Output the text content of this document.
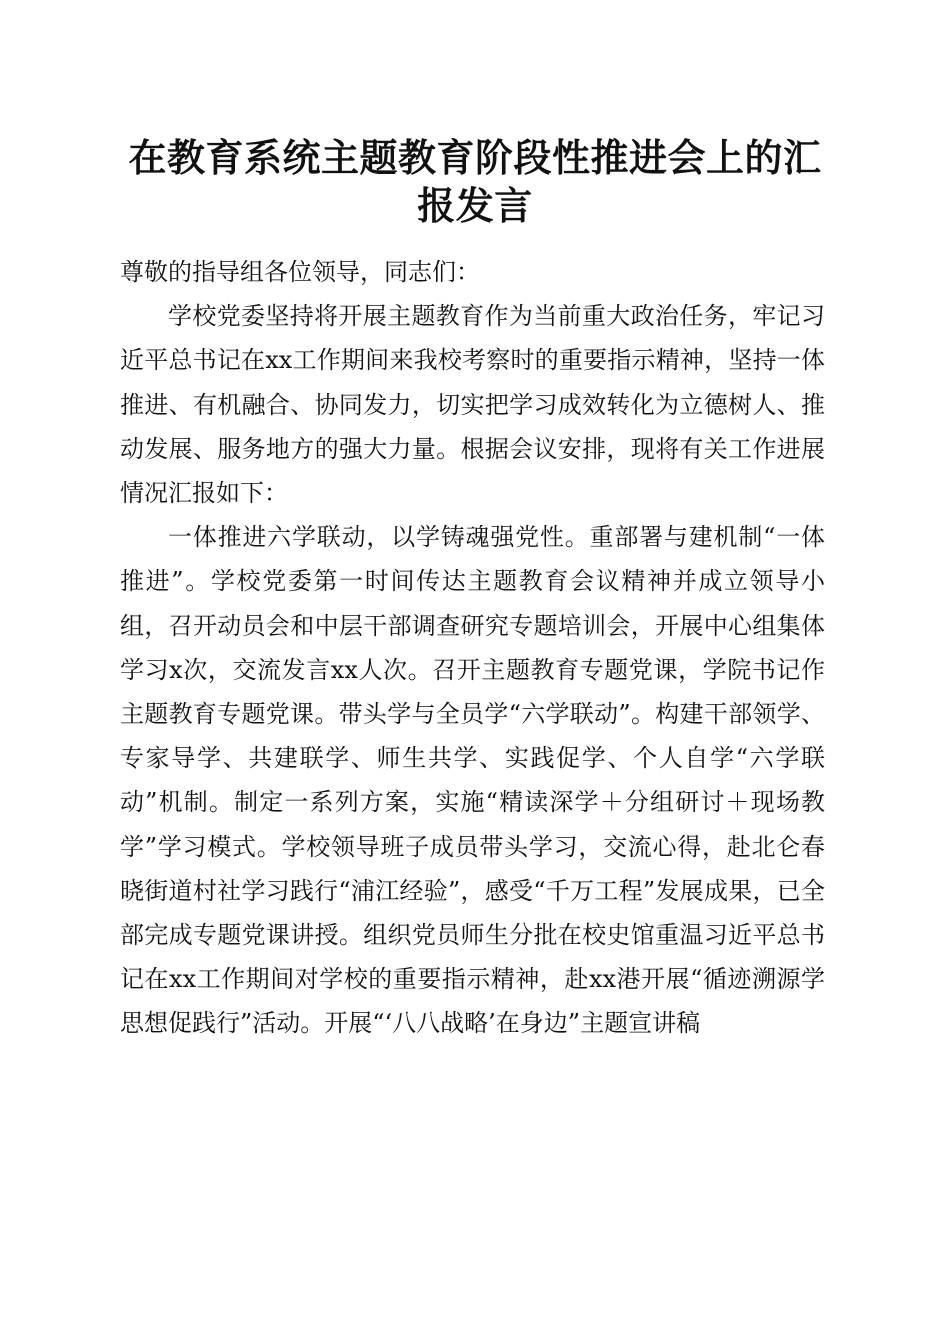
在教育系统主题教育阶段性推进会上的汇报发言

尊敬的指导组各位领导，同志们：

学校党委坚持将开展主题教育作为当前重大政治任务，牢记习近平总书记在xx工作期间来我校考察时的重要指示精神，坚持一体推进、有机融合、协同发力，切实把学习成效转化为立德树人、推动发展、服务地方的强大力量。根据会议安排，现将有关工作进展情况汇报如下：

一体推进六学联动，以学铸魂强党性。重部署与建机制“一体推进”。学校党委第一时间传达主题教育会议精神并成立领导小组，召开动员会和中层干部调查研究专题培训会，开展中心组集体学习x次，交流发言xx人次。召开主题教育专题党课，学院书记作主题教育专题党课。带头学与全员学“六学联动”。构建干部领学、专家导学、共建联学、师生共学、实践促学、个人自学“六学联动”机制。制定一系列方案，实施“精读深学＋分组研讨＋现场教学”学习模式。学校领导班子成员带头学习，交流心得，赴北仑春晓街道村社学习践行“浦江经验”，感受“千万工程”发展成果，已全部完成专题党课讲授。组织党员师生分批在校史馆重温习近平总书记在xx工作期间对学校的重要指示精神，赴xx港开展“循迹溯源学思想促践行”活动。开展“‘八八战略’在身边”主题宣讲稿
